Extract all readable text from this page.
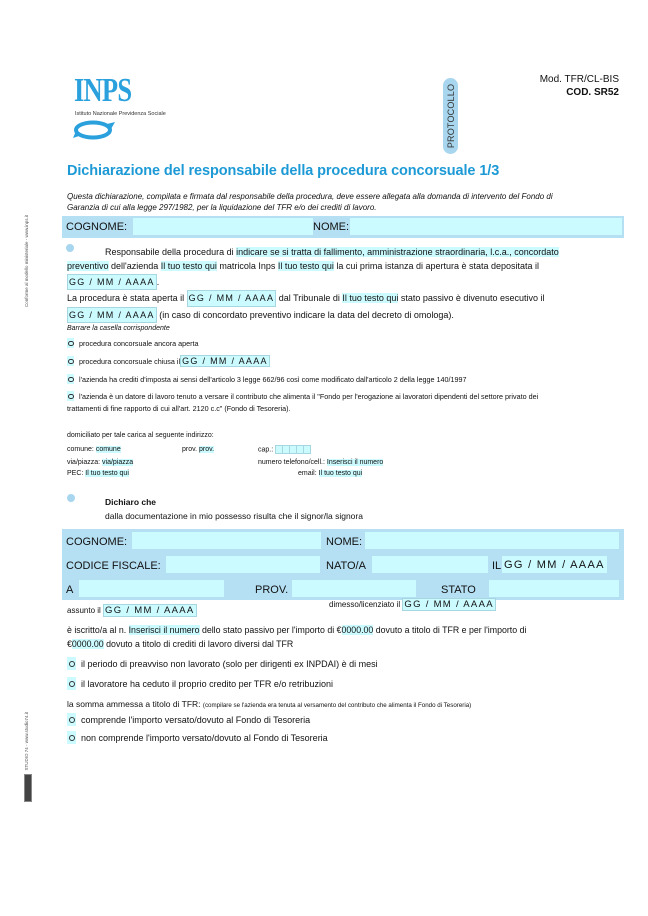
INPS
Istituto Nazionale Previdenza Sociale	PROTOCOLLO
Mod. TFR/CL-BIS
COD. SR52
Conforme al modello ministeriale - www.inps.it
STUDIO 74 - www.studio74.it
Dichiarazione del responsabile della procedura concorsuale 1/3
Questa dichiarazione, compilata e firmata dal responsabile della procedura, deve essere allegata alla domanda di intervento del Fondo di Garanzia di cui alla legge 297/1982, per la liquidazione del TFR e/o dei crediti di lavoro.
COGNOME:	NOME:
Responsabile della procedura di indicare se si tratta di fallimento, amministrazione straordinaria, l.c.a., concordato
preventivo dell'azienda Il tuo testo qui matricola Inps Il tuo testo qui la cui prima istanza di apertura è stata depositata il
GG / MM / AAAA .
La procedura è stata aperta il GG / MM / AAAA dal Tribunale di Il tuo testo qui stato passivo è divenuto esecutivo il
GG / MM / AAAA (in caso di concordato preventivo indicare la data del decreto di omologa).
Barrare la casella corrispondente
procedura concorsuale ancora aperta
procedura concorsuale chiusa il GG / MM / AAAA
l'azienda ha crediti d'imposta ai sensi dell'articolo 3 legge 662/96 così come modificato dall'articolo 2 della legge 140/1997
l'azienda è un datore di lavoro tenuto a versare il contributo che alimenta il "Fondo per l'erogazione ai lavoratori dipendenti del settore privato dei
trattamenti di fine rapporto di cui all'art. 2120 c.c" (Fondo di Tesoreria).
domiciliato per tale carica al seguente indirizzo:
comune: comune	prov. prov.	cap.:
via/piazza: via/piazza	numero telefono/cell.: Inserisci il numero
PEC: Il tuo testo qui	email: Il tuo testo qui
Dichiaro che
dalla documentazione in mio possesso risulta che il signor/la signora
COGNOME:	NOME:
CODICE FISCALE:	NATO/A	IL GG / MM / AAAA
A	PROV.	STATO
assunto il GG / MM / AAAA
dimesso/licenziato il GG / MM / AAAA
è iscritto/a al n. Inserisci il numero dello stato passivo per l'importo di €0000.00 dovuto a titolo di TFR e per l'importo di
€0000.00 dovuto a titolo di crediti di lavoro diversi dal TFR
il periodo di preavviso non lavorato (solo per dirigenti ex INPDAI) è di mesi
il lavoratore ha ceduto il proprio credito per TFR e/o retribuzioni
la somma ammessa a titolo di TFR: (compilare se l'azienda era tenuta al versamento del contributo che alimenta il Fondo di Tesoreria)
comprende l'importo versato/dovuto al Fondo di Tesoreria
non comprende l'importo versato/dovuto al Fondo di Tesoreria
